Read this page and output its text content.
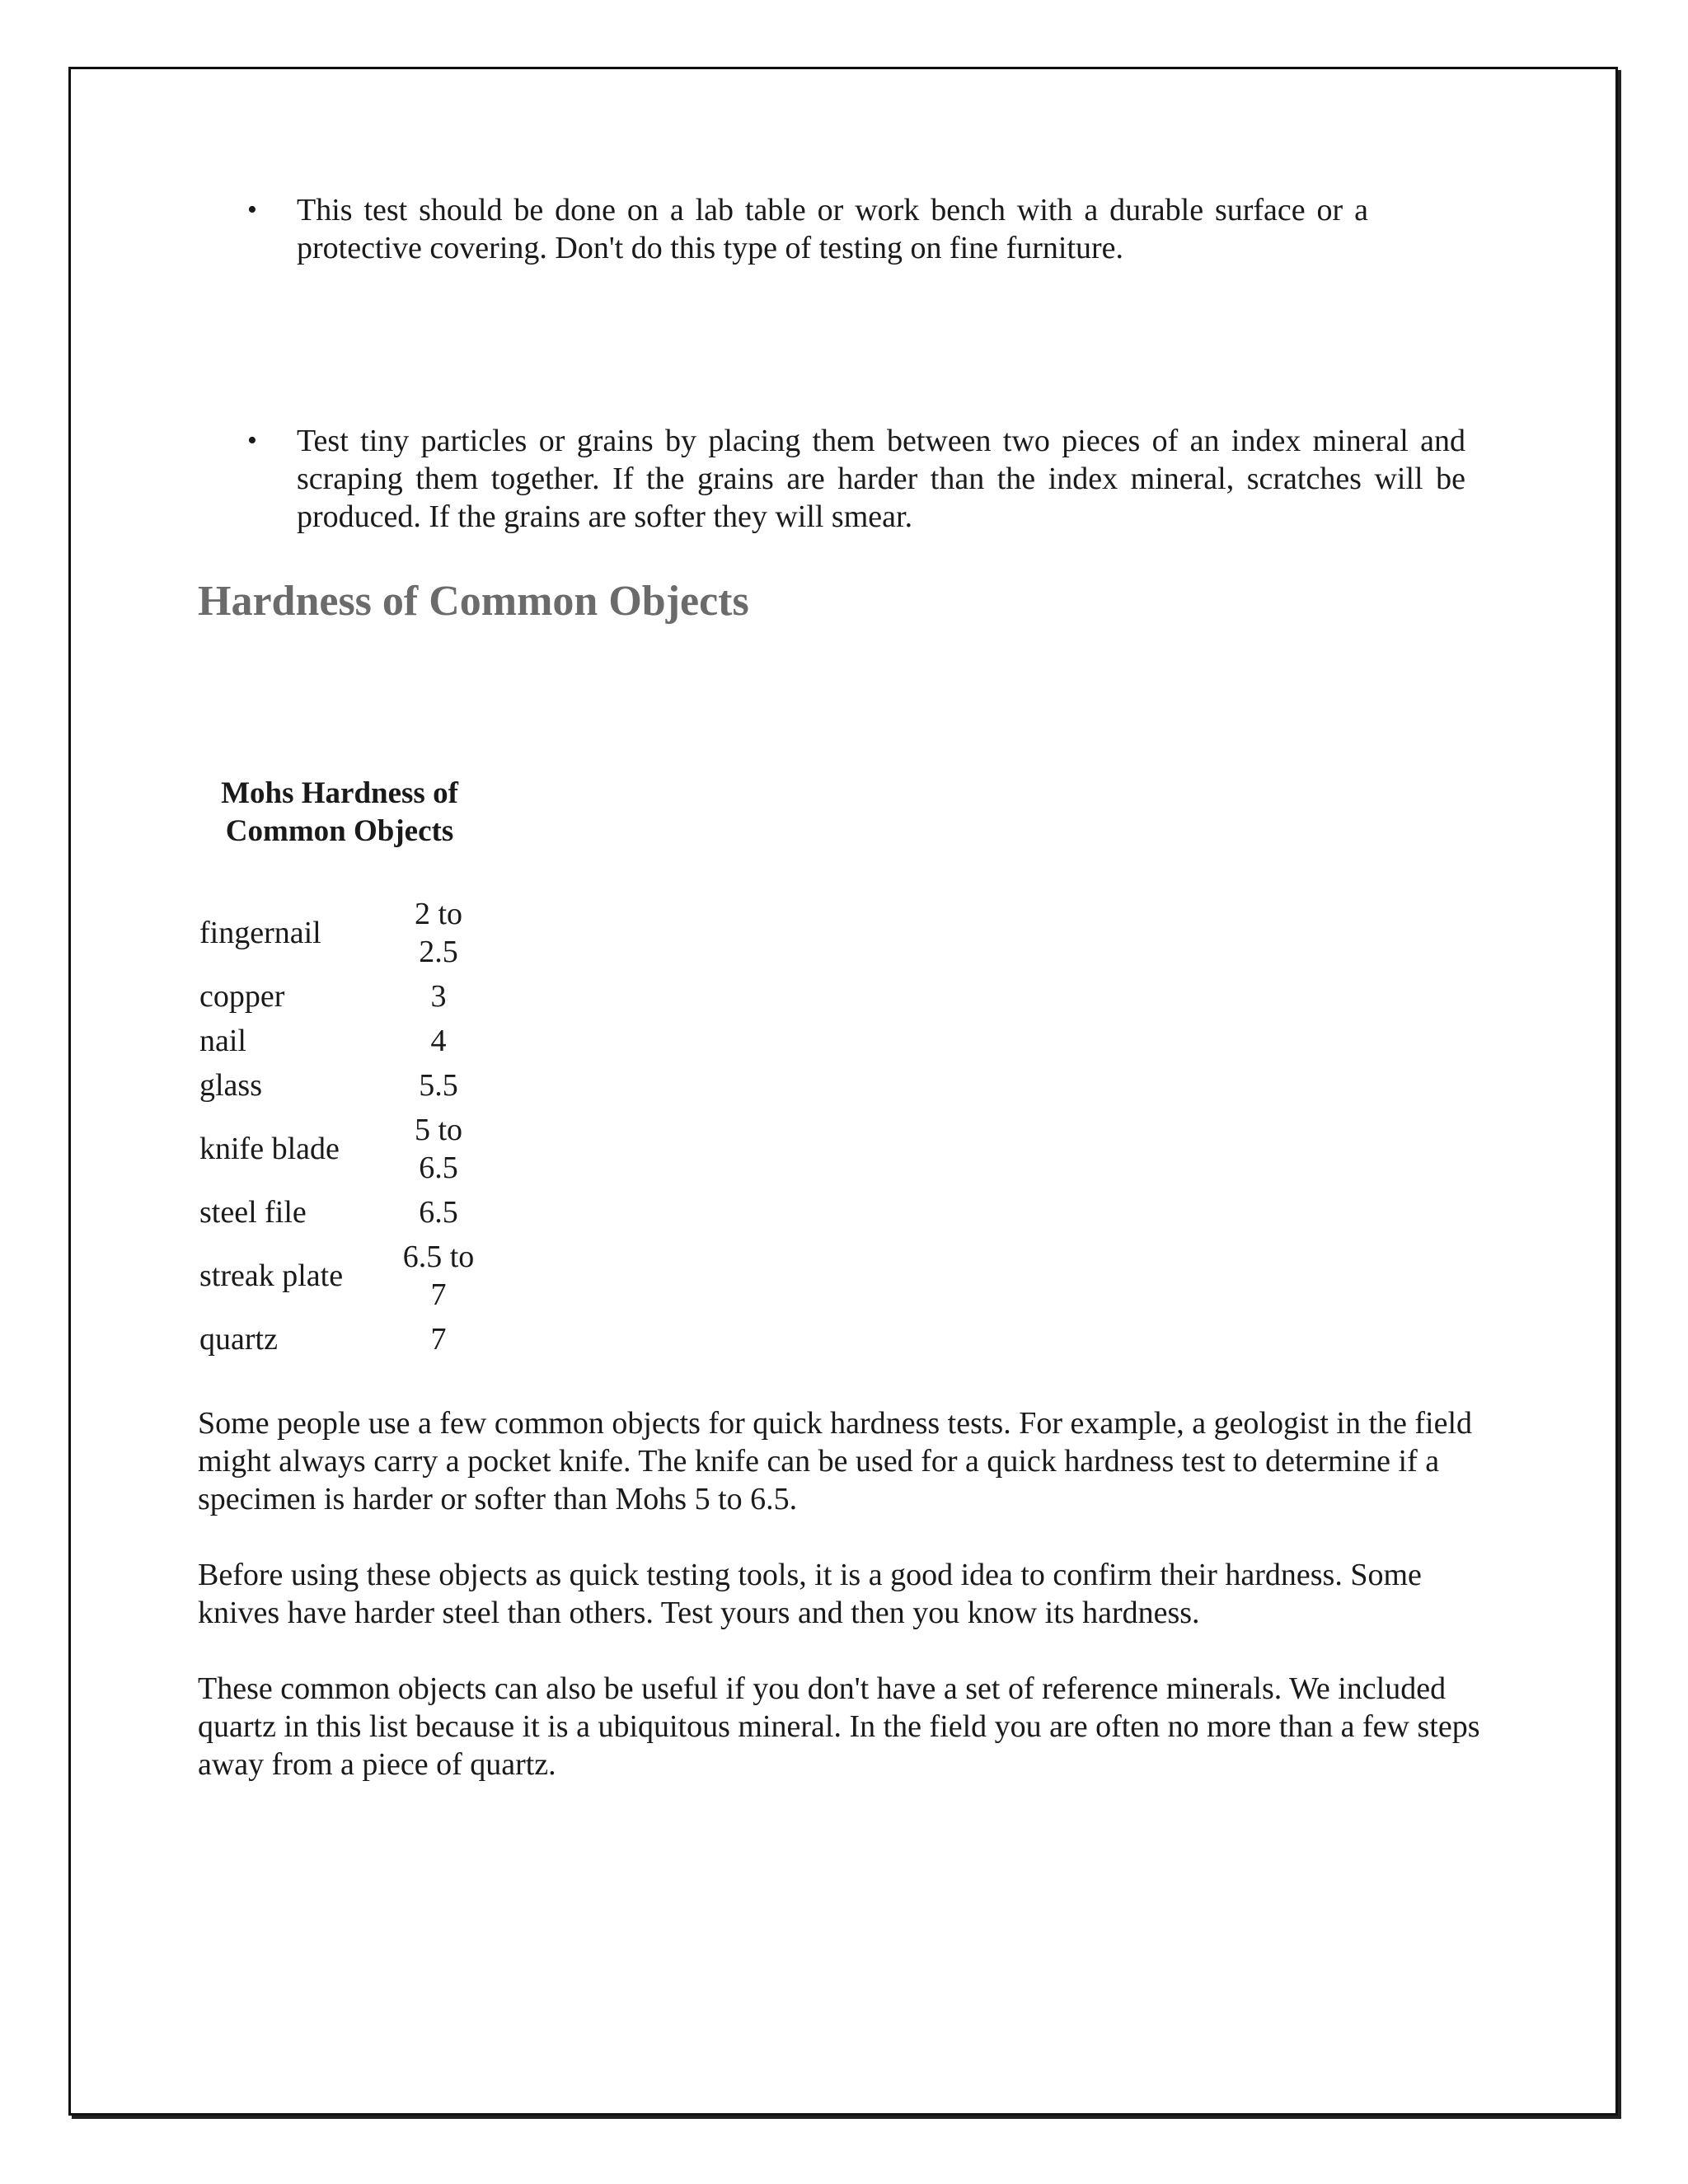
• This test should be done on a lab table or work bench with a durable surface or a protective covering. Don't do this type of testing on fine furniture.
• Test tiny particles or grains by placing them between two pieces of an index mineral and scraping them together. If the grains are harder than the index mineral, scratches will be produced. If the grains are softer they will smear.
Hardness of Common Objects
Mohs Hardness of Common Objects
fingernail	2 to 2.5
copper	3
nail	4
glass	5.5
knife blade	5 to 6.5
steel file	6.5
streak plate	6.5 to 7
quartz	7

Some people use a few common objects for quick hardness tests. For example, a geologist in the field might always carry a pocket knife. The knife can be used for a quick hardness test to determine if a specimen is harder or softer than Mohs 5 to 6.5.

Before using these objects as quick testing tools, it is a good idea to confirm their hardness. Some knives have harder steel than others. Test yours and then you know its hardness.

These common objects can also be useful if you don't have a set of reference minerals. We included quartz in this list because it is a ubiquitous mineral. In the field you are often no more than a few steps away from a piece of quartz.
